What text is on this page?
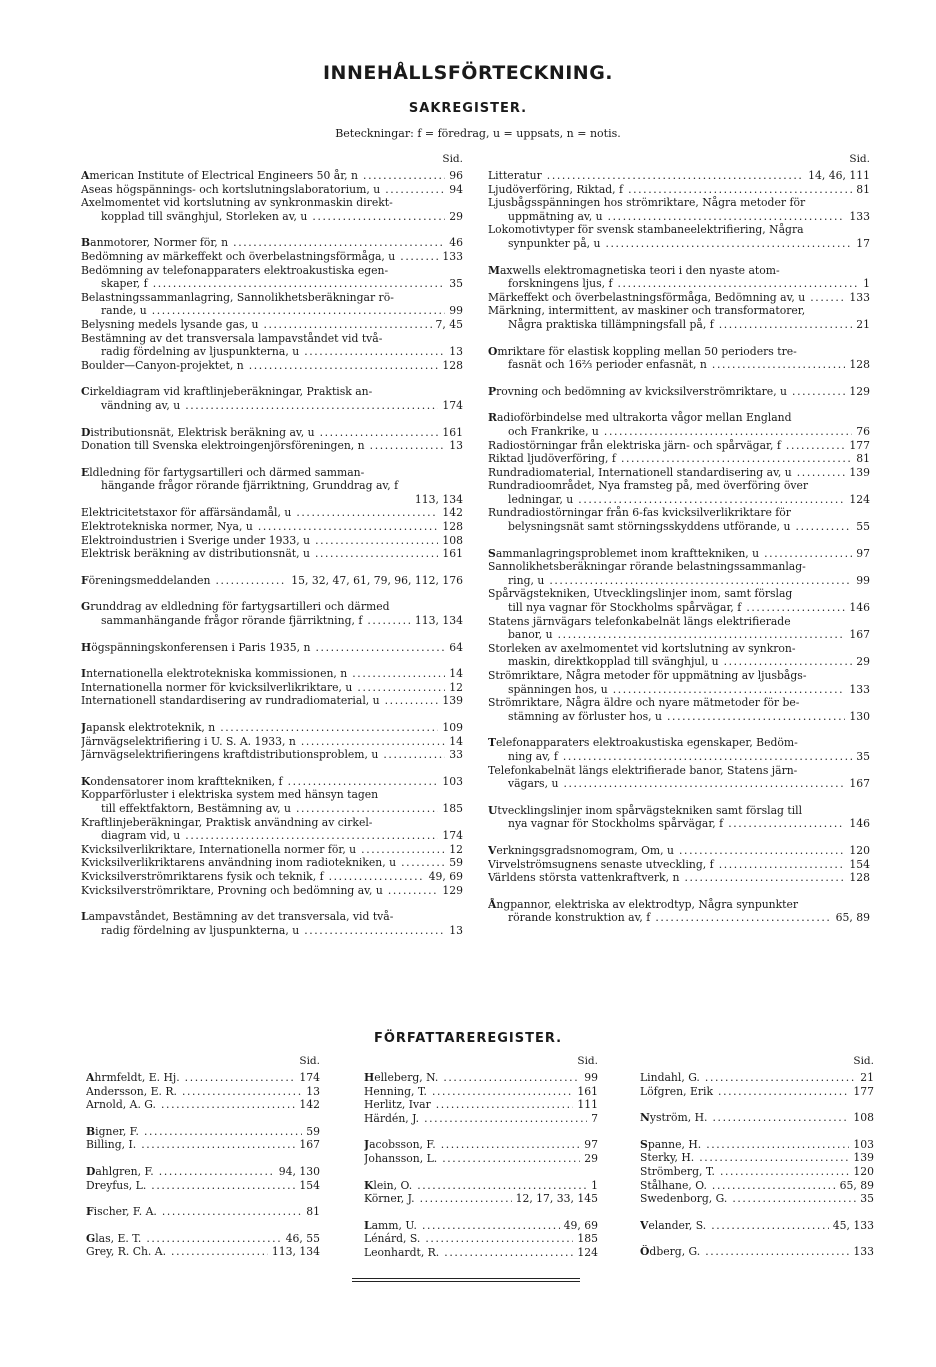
INNEHÅLLSFÖRTECKNING.
SAKREGISTER.
Beteckningar: f = föredrag, u = uppsats, n = notis.
Sid.
American Institute of Electrical Engineers 50 år, n .....	96
Aseas högspännings- och kortslutningslaboratorium, u .....	94
Axelmomentet vid kortslutning av synkronmaskin direkt-
kopplad till svänghjul, Storleken av, u .....	29
Banmotorer, Normer för, n .....	46
Bedömning av märkeffekt och överbelastningsförmåga, u .....	133
Bedömning av telefonapparaters elektroakustiska egen-
skaper, f .....	35
Belastningssammanlagring, Sannolikhetsberäkningar rö-
rande, u .....	99
Belysning medels lysande gas, u .....	7, 45
Bestämning av det transversala lampavståndet vid två-
radig fördelning av ljuspunkterna, u .....	13
Boulder—Canyon-projektet, n .....	128
Cirkeldiagram vid kraftlinjeberäkningar, Praktisk an-
vändning av, u .....	174
Distributionsnät, Elektrisk beräkning av, u .....	161
Donation till Svenska elektroingenjörsföreningen, n .....	13
Eldledning för fartygsartilleri och därmed samman-
hängande frågor rörande fjärriktning, Grunddrag av, f
113, 134
Elektricitetstaxor för affärsändamål, u .....	142
Elektrotekniska normer, Nya, u .....	128
Elektroindustrien i Sverige under 1933, u .....	108
Elektrisk beräkning av distributionsnät, u .....	161
Föreningsmeddelanden .....	15, 32, 47, 61, 79, 96, 112, 176
Grunddrag av eldledning för fartygsartilleri och därmed
sammanhängande frågor rörande fjärriktning, f .....	113, 134
Högspänningskonferensen i Paris 1935, n .....	64
Internationella elektrotekniska kommissionen, n .....	14
Internationella normer för kvicksilverlikriktare, u .....	12
Internationell standardisering av rundradiomaterial, u .....	139
Japansk elektroteknik, n .....	109
Järnvägselektrifiering i U. S. A. 1933, n .....	14
Järnvägselektrifieringens kraftdistributionsproblem, u .....	33
Kondensatorer inom krafttekniken, f .....	103
Kopparförluster i elektriska system med hänsyn tagen
till effektfaktorn, Bestämning av, u .....	185
Kraftlinjeberäkningar, Praktisk användning av cirkel-
diagram vid, u .....	174
Kvicksilverlikriktare, Internationella normer för, u .....	12
Kvicksilverlikriktarens användning inom radiotekniken, u .....	59
Kvicksilverströmriktarens fysik och teknik, f .....	49, 69
Kvicksilverströmriktare, Provning och bedömning av, u .....	129
Lampavståndet, Bestämning av det transversala, vid två-
radig fördelning av ljuspunkterna, u .....	13
Sid.
Litteratur .....	14, 46, 111
Ljudöverföring, Riktad, f .....	81
Ljusbågsspänningen hos strömriktare, Några metoder för
uppmätning av, u .....	133
Lokomotivtyper för svensk stambaneelektrifiering, Några
synpunkter på, u .....	17
Maxwells elektromagnetiska teori i den nyaste atom-
forskningens ljus, f .....	1
Märkeffekt och överbelastningsförmåga, Bedömning av, u .....	133
Märkning, intermittent, av maskiner och transformatorer,
Några praktiska tillämpningsfall på, f .....	21
Omriktare för elastisk koppling mellan 50 perioders tre-
fasnät och 16⅔ perioder enfasnät, n .....	128
Provning och bedömning av kvicksilverströmriktare, u .....	129
Radioförbindelse med ultrakorta vågor mellan England
och Frankrike, u .....	76
Radiostörningar från elektriska järn- och spårvägar, f .....	177
Riktad ljudöverföring, f .....	81
Rundradiomaterial, Internationell standardisering av, u .....	139
Rundradioområdet, Nya framsteg på, med överföring över
ledningar, u .....	124
Rundradiostörningar från 6-fas kvicksilverlikriktare för
belysningsnät samt störningsskyddens utförande, u .....	55
Sammanlagringsproblemet inom krafttekniken, u .....	97
Sannolikhetsberäkningar rörande belastningssammanlag-
ring, u .....	99
Spårvägstekniken, Utvecklingslinjer inom, samt förslag
till nya vagnar för Stockholms spårvägar, f .....	146
Statens järnvägars telefonkabelnät längs elektrifierade
banor, u .....	167
Storleken av axelmomentet vid kortslutning av synkron-
maskin, direktkopplad till svänghjul, u .....	29
Strömriktare, Några metoder för uppmätning av ljusbågs-
spänningen hos, u .....	133
Strömriktare, Några äldre och nyare mätmetoder för be-
stämning av förluster hos, u .....	130
Telefonapparaters elektroakustiska egenskaper, Bedöm-
ning av, f .....	35
Telefonkabelnät längs elektrifierade banor, Statens järn-
vägars, u .....	167
Utvecklingslinjer inom spårvägstekniken samt förslag till
nya vagnar för Stockholms spårvägar, f .....	146
Verkningsgradsnomogram, Om, u .....	120
Virvelströmsugnens senaste utveckling, f .....	154
Världens största vattenkraftverk, n .....	128
Ångpannor, elektriska av elektrodtyp, Några synpunkter
rörande konstruktion av, f .....	65, 89
FÖRFATTAREREGISTER.
Sid.
Ahrmfeldt, E. Hj. .....	174
Andersson, E. R. .....	13
Arnold, A. G. .....	142
Bigner, F. .....	59
Billing, I. .....	167
Dahlgren, F. .....	94, 130
Dreyfus, L. .....	154
Fischer, F. A. .....	81
Glas, E. T. .....	46, 55
Grey, R. Ch. A. .....	113, 134
Sid.
Helleberg, N. .....	99
Henning, T. .....	161
Herlitz, Ivar .....	111
Härdén, J. .....	7
Jacobsson, F. .....	97
Johansson, L. .....	29
Klein, O. .....	1
Körner, J. .....	12, 17, 33, 145
Lamm, U. .....	49, 69
Lénárd, S. .....	185
Leonhardt, R. .....	124
Sid.
Lindahl, G. .....	21
Löfgren, Erik .....	177
Nyström, H. .....	108
Spanne, H. .....	103
Sterky, H. .....	139
Strömberg, T. .....	120
Stålhane, O. .....	65, 89
Swedenborg, G. .....	35
Velander, S. .....	45, 133
Ödberg, G. .....	133
